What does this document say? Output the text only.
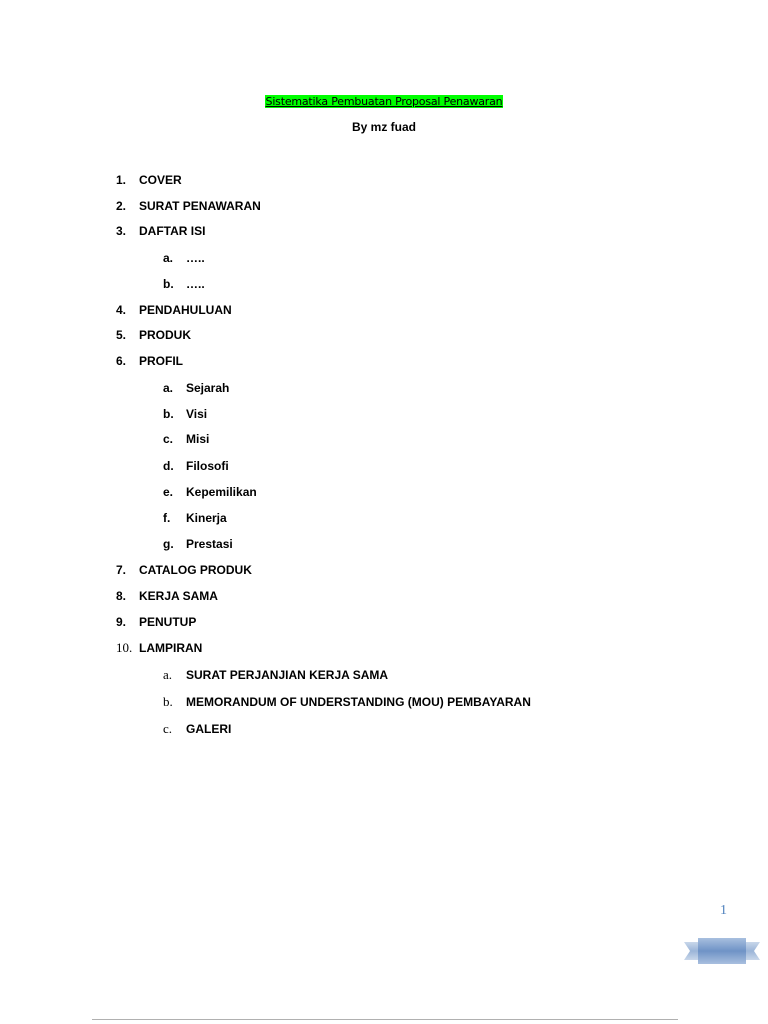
Sistematika Pembuatan Proposal Penawaran
By mz fuad
1. COVER
2. SURAT PENAWARAN
3. DAFTAR ISI
a. …..
b. …..
4. PENDAHULUAN
5. PRODUK
6. PROFIL
a. Sejarah
b. Visi
c. Misi
d. Filosofi
e. Kepemilikan
f. Kinerja
g. Prestasi
7. CATALOG PRODUK
8. KERJA SAMA
9. PENUTUP
10. LAMPIRAN
a. SURAT PERJANJIAN KERJA SAMA
b. MEMORANDUM OF UNDERSTANDING (MOU) PEMBAYARAN
c. GALERI
1
